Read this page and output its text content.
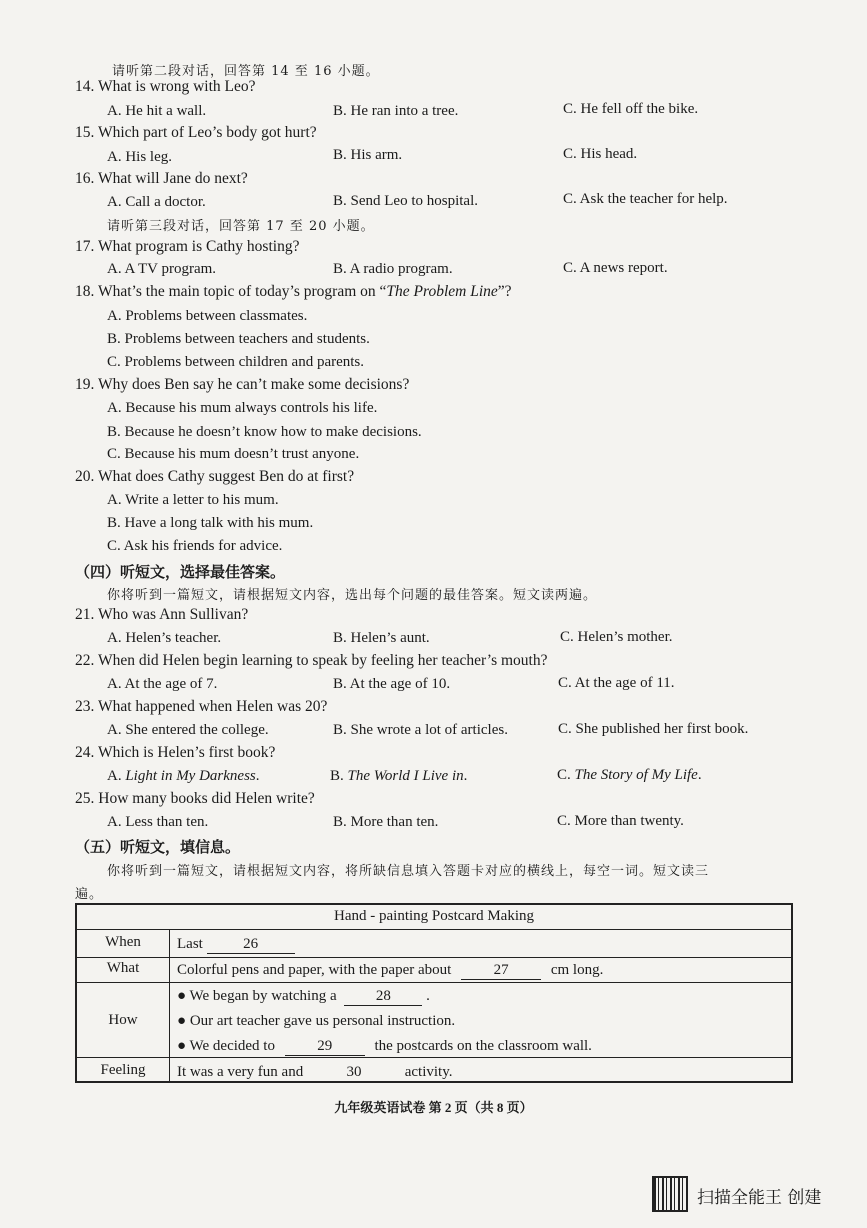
请听第二段对话，回答第 14 至 16 小题。
14. What is wrong with Leo?
A. He hit a wall.	B. He ran into a tree.	C. He fell off the bike.
15. Which part of Leo’s body got hurt?
A. His leg.	B. His arm.	C. His head.
16. What will Jane do next?
A. Call a doctor.	B. Send Leo to hospital.	C. Ask the teacher for help.
请听第三段对话，回答第 17 至 20 小题。
17. What program is Cathy hosting?
A. A TV program.	B. A radio program.	C. A news report.
18. What’s the main topic of today’s program on “The Problem Line”?
A. Problems between classmates.
B. Problems between teachers and students.
C. Problems between children and parents.
19. Why does Ben say he can’t make some decisions?
A. Because his mum always controls his life.
B. Because he doesn’t know how to make decisions.
C. Because his mum doesn’t trust anyone.
20. What does Cathy suggest Ben do at first?
A. Write a letter to his mum.
B. Have a long talk with his mum.
C. Ask his friends for advice.
（四）听短文，选择最佳答案。
你将听到一篇短文，请根据短文内容，选出每个问题的最佳答案。短文读两遍。
21. Who was Ann Sullivan?
A. Helen’s teacher.	B. Helen’s aunt.	C. Helen’s mother.
22. When did Helen begin learning to speak by feeling her teacher’s mouth?
A. At the age of 7.	B. At the age of 10.	C. At the age of 11.
23. What happened when Helen was 20?
A. She entered the college.	B. She wrote a lot of articles.	C. She published her first book.
24. Which is Helen’s first book?
A. Light in My Darkness.	B. The World I Live in.	C. The Story of My Life.
25. How many books did Helen write?
A. Less than ten.	B. More than ten.	C. More than twenty.
（五）听短文，填信息。
你将听到一篇短文，请根据短文内容，将所缺信息填入答题卡对应的横线上，每空一词。短文读三
遍。
Hand - painting Postcard Making
When	Last	26
What	Colorful pens and paper, with the paper about	27	cm long.
How
● We began by watching a	28 .
● Our art teacher gave us personal instruction.
● We decided to	29	the postcards on the classroom wall.
Feeling	It was a very fun and	30	activity.
九年级英语试卷 第 2 页（共 8 页）
扫描全能王 创建
